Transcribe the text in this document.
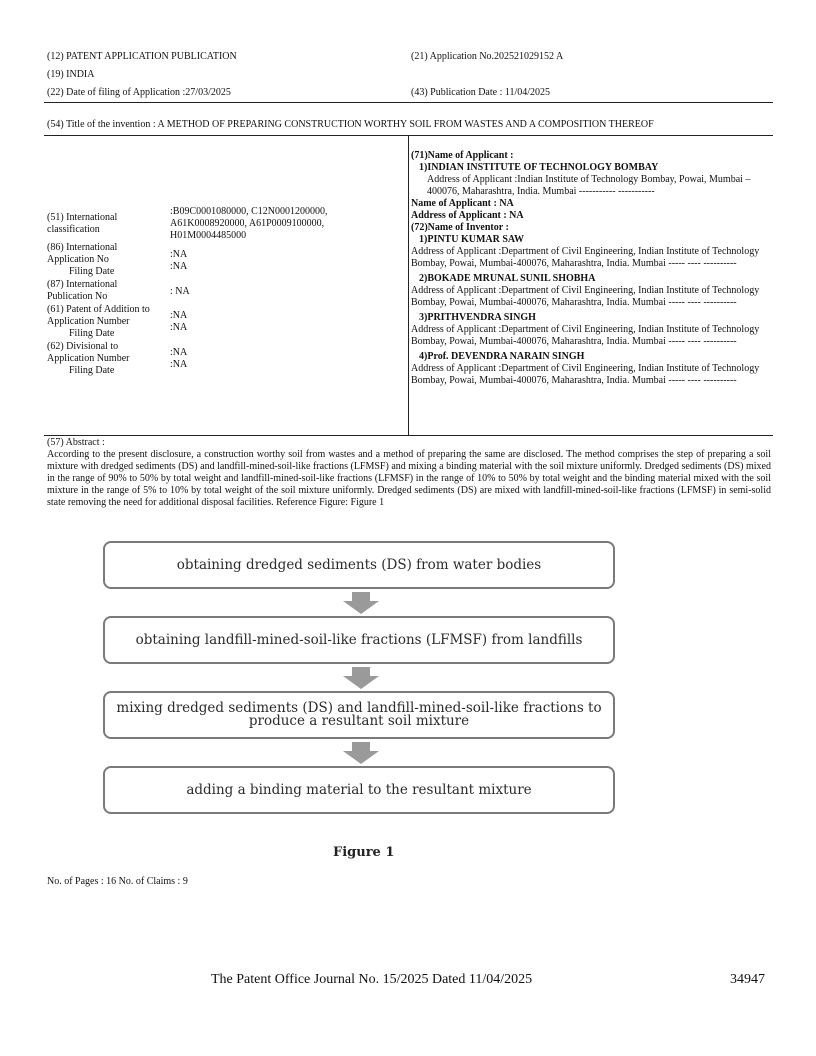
(12) PATENT APPLICATION PUBLICATION
(19) INDIA
(22) Date of filing of Application :27/03/2025
(21) Application No.202521029152 A
(43) Publication Date : 11/04/2025
(54) Title of the invention : A METHOD OF PREPARING CONSTRUCTION WORTHY SOIL FROM WASTES AND A COMPOSITION THEREOF
(51) International classification
:B09C0001080000, C12N0001200000, A61K0008920000, A61P0009100000, H01M0004485000
(86) International Application No
Filing Date
:NA
:NA
(87) International Publication No	: NA
(61) Patent of Addition to Application Number
Filing Date
:NA
:NA
(62) Divisional to Application Number
Filing Date
:NA
:NA
(71)Name of Applicant :
1)INDIAN INSTITUTE OF TECHNOLOGY BOMBAY
Address of Applicant :Indian Institute of Technology Bombay, Powai, Mumbai – 400076, Maharashtra, India. Mumbai ----------- -----------
Name of Applicant : NA
Address of Applicant : NA
(72)Name of Inventor :
1)PINTU KUMAR SAW
Address of Applicant :Department of Civil Engineering, Indian Institute of Technology Bombay, Powai, Mumbai-400076, Maharashtra, India. Mumbai ----- ---- ----------
2)BOKADE MRUNAL SUNIL SHOBHA
Address of Applicant :Department of Civil Engineering, Indian Institute of Technology Bombay, Powai, Mumbai-400076, Maharashtra, India. Mumbai ----- ---- ----------
3)PRITHVENDRA SINGH
Address of Applicant :Department of Civil Engineering, Indian Institute of Technology Bombay, Powai, Mumbai-400076, Maharashtra, India. Mumbai ----- ---- ----------
4)Prof. DEVENDRA NARAIN SINGH
Address of Applicant :Department of Civil Engineering, Indian Institute of Technology Bombay, Powai, Mumbai-400076, Maharashtra, India. Mumbai ----- ---- ----------
(57) Abstract :
According to the present disclosure, a construction worthy soil from wastes and a method of preparing the same are disclosed. The method comprises the step of preparing a soil mixture with dredged sediments (DS) and landfill-mined-soil-like fractions (LFMSF) and mixing a binding material with the soil mixture uniformly. Dredged sediments (DS) mixed in the range of 90% to 50% by total weight and landfill-mined-soil-like fractions (LFMSF) in the range of 10% to 50% by total weight and the binding material mixed with the soil mixture in the range of 5% to 10% by total weight of the soil mixture uniformly. Dredged sediments (DS) are mixed with landfill-mined-soil-like fractions (LFMSF) in semi-solid state removing the need for additional disposal facilities. Reference Figure: Figure 1
obtaining dredged sediments (DS) from water bodies
obtaining landfill-mined-soil-like fractions (LFMSF) from landfills
mixing dredged sediments (DS) and landfill-mined-soil-like fractions to produce a resultant soil mixture
adding a binding material to the resultant mixture
Figure 1
No. of Pages : 16 No. of Claims : 9
The Patent Office Journal No. 15/2025 Dated 11/04/2025	34947
